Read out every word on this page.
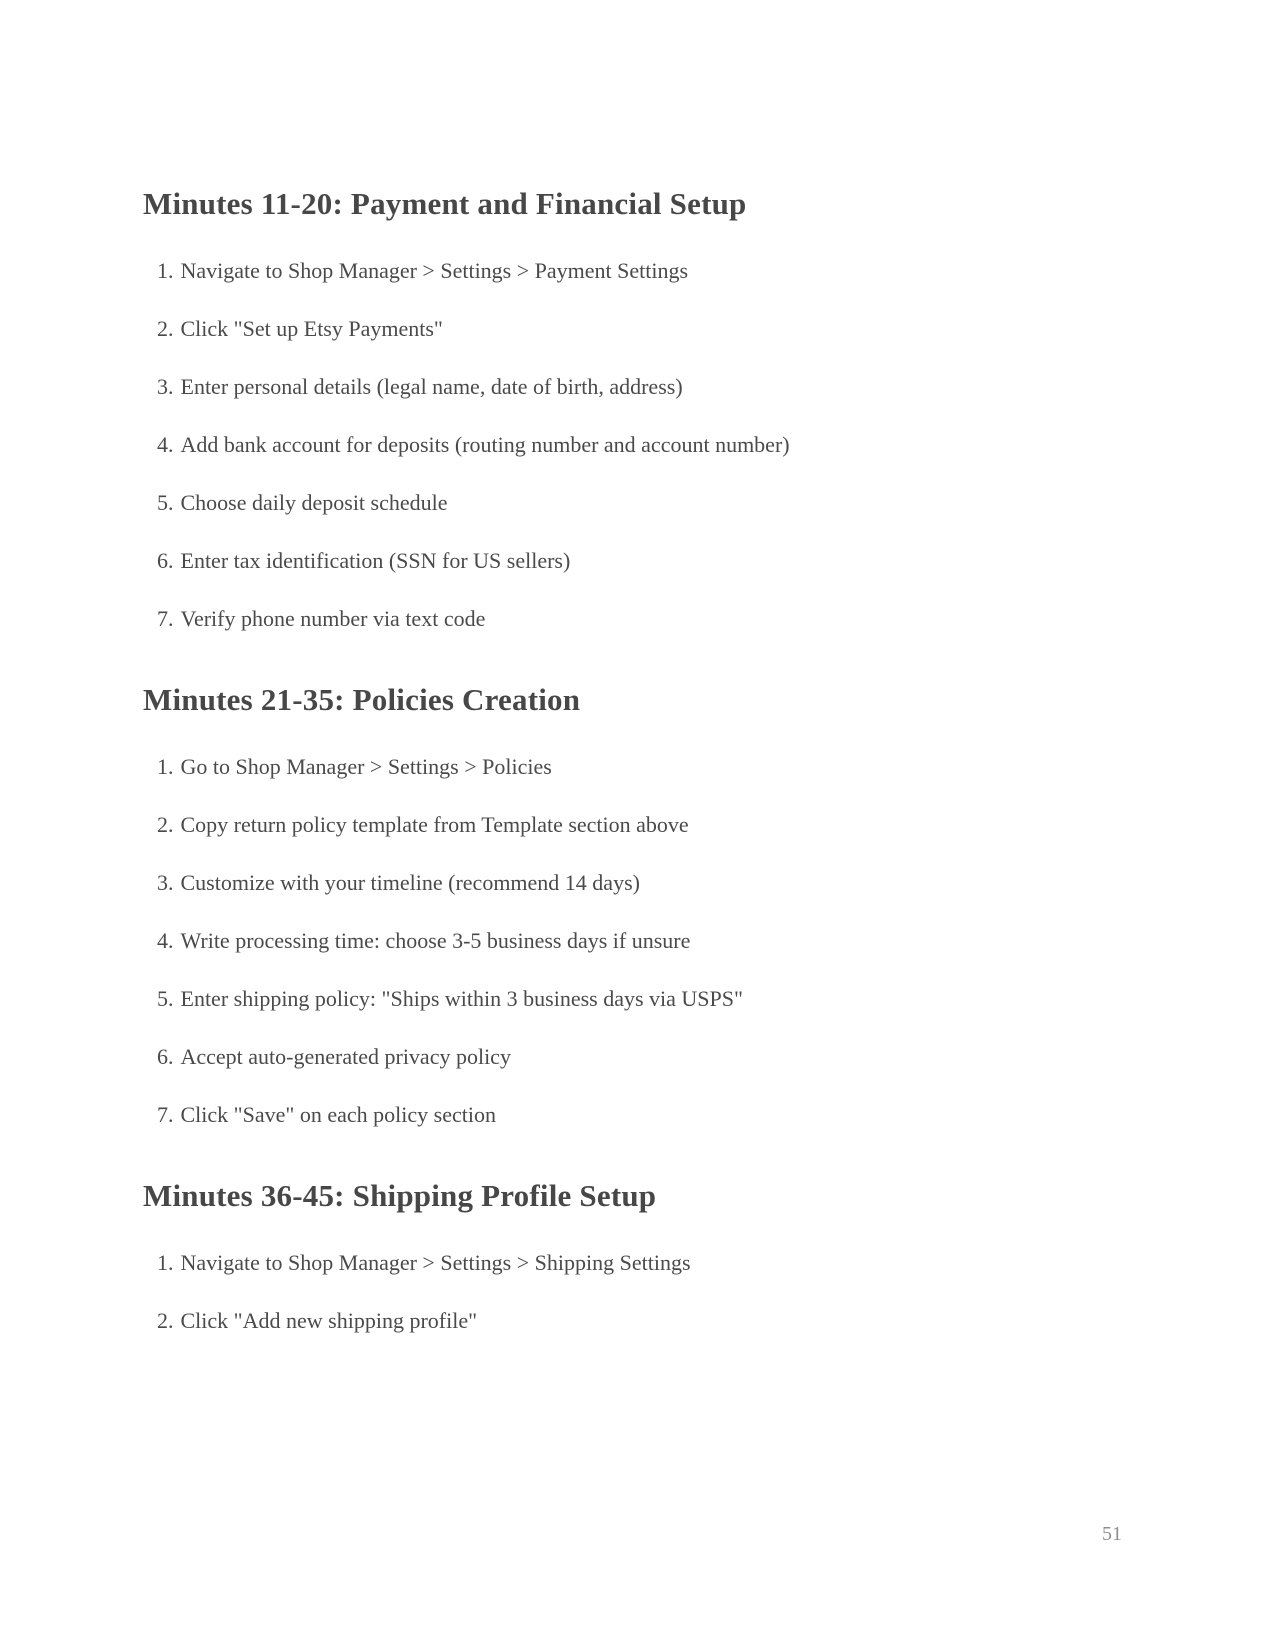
Minutes 11-20: Payment and Financial Setup
1. Navigate to Shop Manager > Settings > Payment Settings
2. Click "Set up Etsy Payments"
3. Enter personal details (legal name, date of birth, address)
4. Add bank account for deposits (routing number and account number)
5. Choose daily deposit schedule
6. Enter tax identification (SSN for US sellers)
7. Verify phone number via text code
Minutes 21-35: Policies Creation
1. Go to Shop Manager > Settings > Policies
2. Copy return policy template from Template section above
3. Customize with your timeline (recommend 14 days)
4. Write processing time: choose 3-5 business days if unsure
5. Enter shipping policy: "Ships within 3 business days via USPS"
6. Accept auto-generated privacy policy
7. Click "Save" on each policy section
Minutes 36-45: Shipping Profile Setup
1. Navigate to Shop Manager > Settings > Shipping Settings
2. Click "Add new shipping profile"
51
